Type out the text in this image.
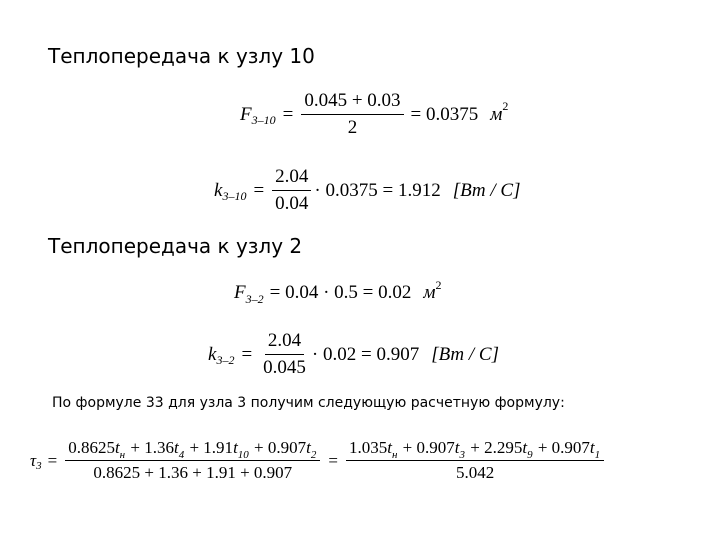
Теплопередача к узлу 10
F $3-10 = \frac{0.045 + 0.03}{2} = 0.0375$ м 2
k $3-10 = \frac{2.04}{0.04} \cdot 0.0375 = 1.912$ [Вт / С]
Теплопередача к узлу 2
F 3–2 = 0.04 · 0.5 = 0.02 м 2
k $3-2 = \frac{2.04}{0.045} \cdot 0.02 = 0.907$ [Вт / С]
По формуле 33 для узла 3 получим следующую расчетную формулу:
τ $3 = \frac{0.8625t_н + 1.36t_4 + 1.91t_{10} + 0.907t_2}{0.8625 + 1.36 + 1.91 + 0.907} = \frac{1.035t_н + 0.907t_3 + 2.295t_9 + 0.907t_1}{5.042}$
